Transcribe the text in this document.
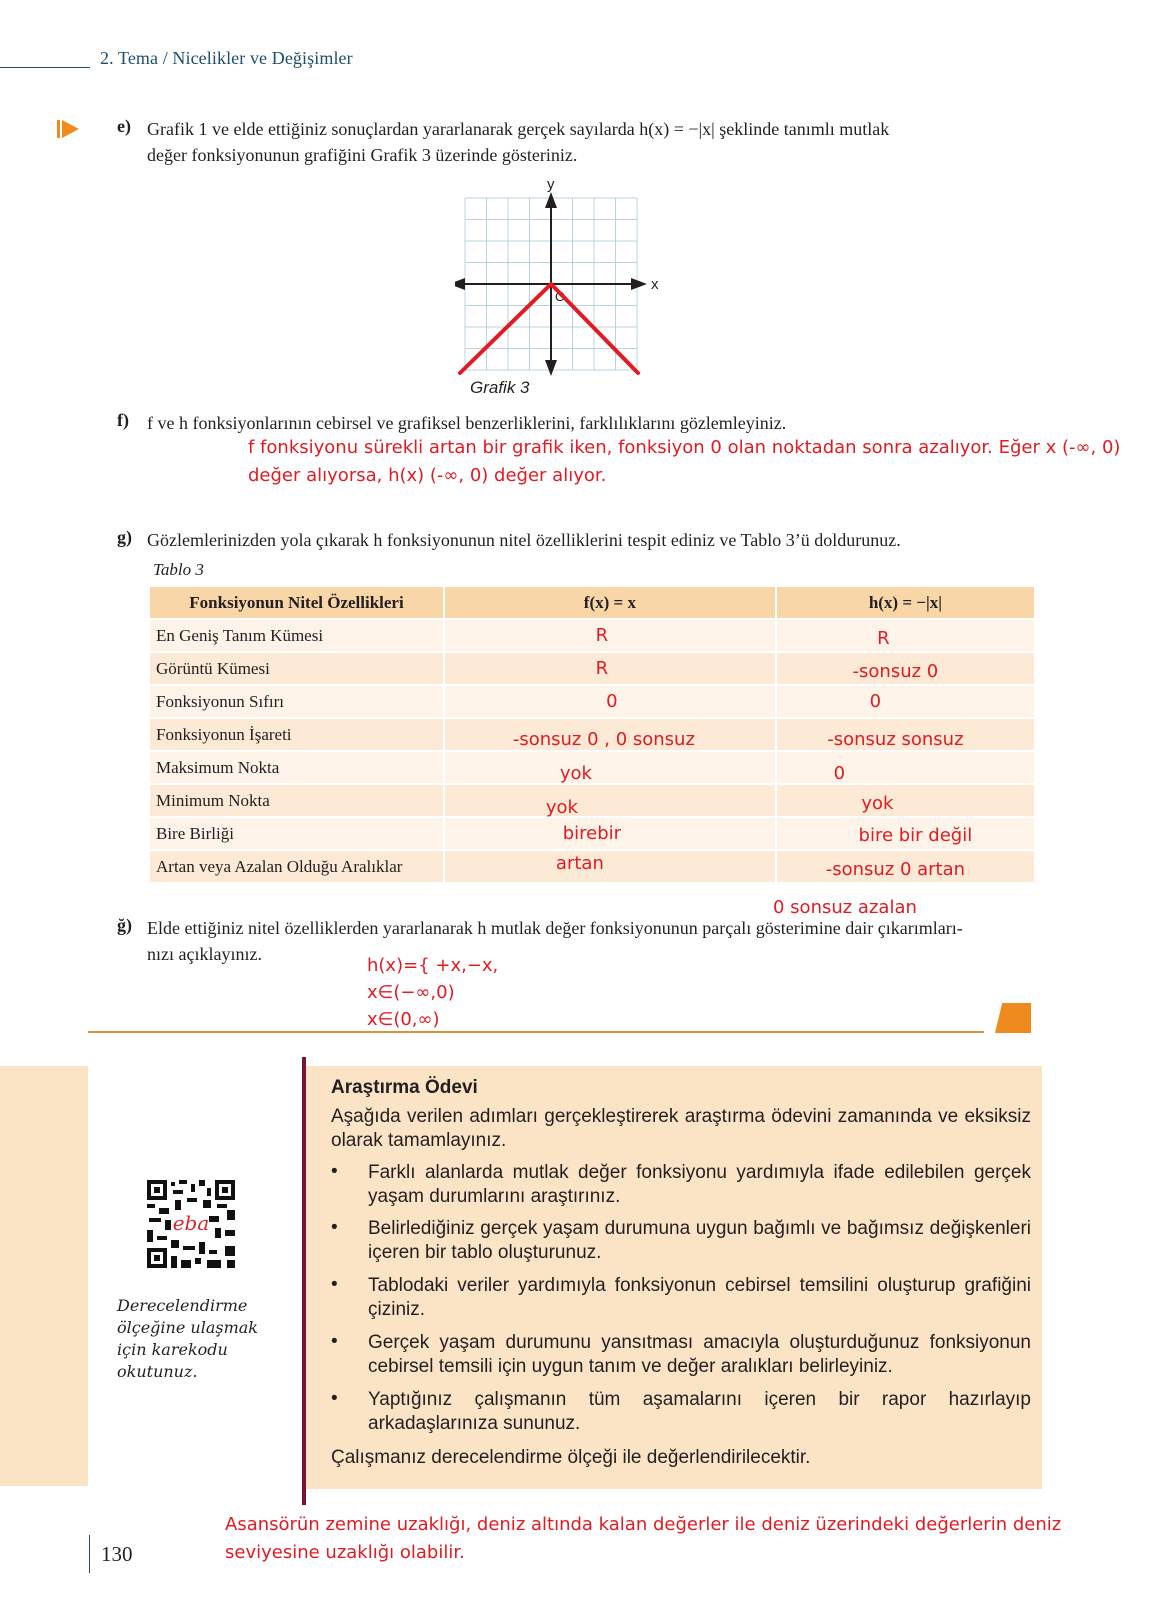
2. Tema / Nicelikler ve Değişimler
e) Grafik 1 ve elde ettiğiniz sonuçlardan yararlanarak gerçek sayılarda h(x) = −|x| şeklinde tanımlı mutlak
değer fonksiyonunun grafiğini Grafik 3 üzerinde gösteriniz.
y
x
O
Grafik 3
f) f ve h fonksiyonlarının cebirsel ve grafiksel benzerliklerini, farklılıklarını gözlemleyiniz.
f fonksiyonu sürekli artan bir grafik iken, fonksiyon 0 olan noktadan sonra azalıyor. Eğer x (-∞, 0)
değer alıyorsa, h(x) (-∞, 0) değer alıyor.
g) Gözlemlerinizden yola çıkarak h fonksiyonunun nitel özelliklerini tespit ediniz ve Tablo 3’ü doldurunuz.
Tablo 3
Fonksiyonun Nitel Özellikleri	f(x) = x	h(x) = −|x|
En Geniş Tanım Kümesi	R	R
Görüntü Kümesi	R	-sonsuz 0
Fonksiyonun Sıfırı	0	0
Fonksiyonun İşareti	-sonsuz 0 , 0 sonsuz	-sonsuz sonsuz
Maksimum Nokta	yok	0
Minimum Nokta	yok	yok
Bire Birliği	birebir	bire bir değil
Artan veya Azalan Olduğu Aralıklar	artan	-sonsuz 0 artan
0 sonsuz azalan
ğ) Elde ettiğiniz nitel özelliklerden yararlanarak h mutlak değer fonksiyonunun parçalı gösterimine dair çıkarımları-
nızı açıklayınız.
h(x)={ +x,−x,
x∈(−∞,0)
x∈(0,∞)
eba
Derecelendirme ölçeğine ulaşmak için karekodu okutunuz.
Araştırma Ödevi
Aşağıda verilen adımları gerçekleştirerek araştırma ödevini zamanında ve eksiksiz olarak tamamlayınız.
• Farklı alanlarda mutlak değer fonksiyonu yardımıyla ifade edilebilen gerçek yaşam durumlarını araştırınız.
• Belirlediğiniz gerçek yaşam durumuna uygun bağımlı ve bağımsız değişkenleri içeren bir tablo oluşturunuz.
• Tablodaki veriler yardımıyla fonksiyonun cebirsel temsilini oluşturup grafiğini çiziniz.
• Gerçek yaşam durumunu yansıtması amacıyla oluşturduğunuz fonksiyonun cebirsel temsili için uygun tanım ve değer aralıkları belirleyiniz.
• Yaptığınız çalışmanın tüm aşamalarını içeren bir rapor hazırlayıp arkadaşlarınıza sununuz.
Çalışmanız derecelendirme ölçeği ile değerlendirilecektir.
Asansörün zemine uzaklığı, deniz altında kalan değerler ile deniz üzerindeki değerlerin deniz
seviyesine uzaklığı olabilir.
130
